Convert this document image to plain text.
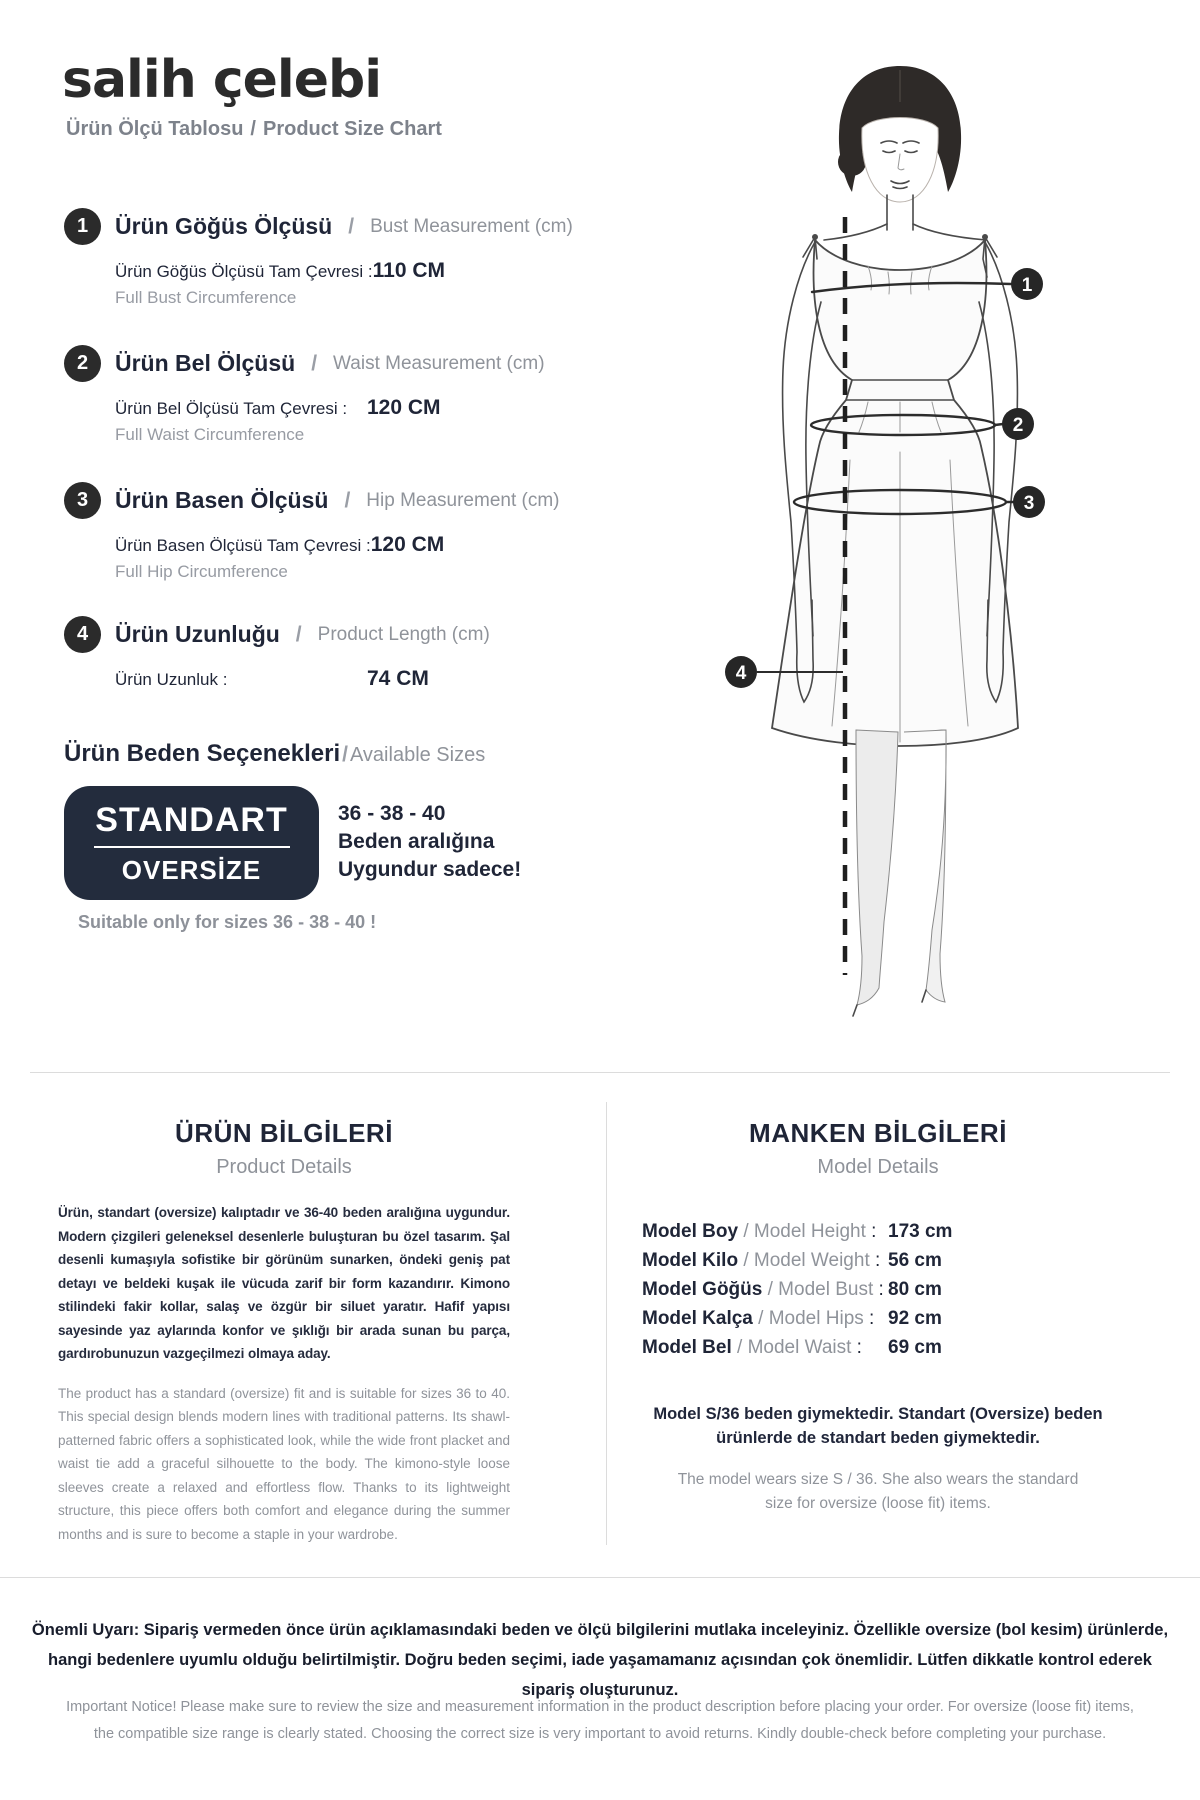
salih çelebi
Ürün Ölçü Tablosu / Product Size Chart
1	Ürün Göğüs Ölçüsü / Bust Measurement (cm)
Ürün Göğüs Ölçüsü Tam Çevresi : 110 CM
Full Bust Circumference
2	Ürün Bel Ölçüsü / Waist Measurement (cm)
Ürün Bel Ölçüsü Tam Çevresi : 120 CM
Full Waist Circumference
3	Ürün Basen Ölçüsü / Hip Measurement (cm)
Ürün Basen Ölçüsü Tam Çevresi : 120 CM
Full Hip Circumference
4	Ürün Uzunluğu / Product Length (cm)
Ürün Uzunluk :	74 CM
Ürün Beden Seçenekleri / Available Sizes
STANDART
OVERSİZE
36 - 38 - 40
Beden aralığına
Uygundur sadece!
Suitable only for sizes 36 - 38 - 40 !
1
2
3
4
ÜRÜN BİLGİLERİ
Product Details
Ürün, standart (oversize) kalıptadır ve 36-40 beden aralığına uygundur. Modern çizgileri geleneksel desenlerle buluşturan bu özel tasarım. Şal desenli kumaşıyla sofistike bir görünüm sunarken, öndeki geniş pat detayı ve beldeki kuşak ile vücuda zarif bir form kazandırır. Kimono stilindeki fakir kollar, salaş ve özgür bir siluet yaratır. Hafif yapısı sayesinde yaz aylarında konfor ve şıklığı bir arada sunan bu parça, gardırobunuzun vazgeçilmezi olmaya aday.
The product has a standard (oversize) fit and is suitable for sizes 36 to 40. This special design blends modern lines with traditional patterns. Its shawl-patterned fabric offers a sophisticated look, while the wide front placket and waist tie add a graceful silhouette to the body. The kimono-style loose sleeves create a relaxed and effortless flow. Thanks to its lightweight structure, this piece offers both comfort and elegance during the summer months and is sure to become a staple in your wardrobe.
MANKEN BİLGİLERİ
Model Details
Model Boy / Model Height : 173 cm
Model Kilo / Model Weight : 56 cm
Model Göğüs / Model Bust : 80 cm
Model Kalça / Model Hips : 92 cm
Model Bel / Model Waist :	69 cm
Model S/36 beden giymektedir. Standart (Oversize) beden ürünlerde de standart beden giymektedir.
The model wears size S / 36. She also wears the standard size for oversize (loose fit) items.
Önemli Uyarı: Sipariş vermeden önce ürün açıklamasındaki beden ve ölçü bilgilerini mutlaka inceleyiniz. Özellikle oversize (bol kesim) ürünlerde, hangi bedenlere uyumlu olduğu belirtilmiştir. Doğru beden seçimi, iade yaşamamanız açısından çok önemlidir. Lütfen dikkatle kontrol ederek sipariş oluşturunuz.
Important Notice! Please make sure to review the size and measurement information in the product description before placing your order. For oversize (loose fit) items, the compatible size range is clearly stated. Choosing the correct size is very important to avoid returns. Kindly double-check before completing your purchase.
